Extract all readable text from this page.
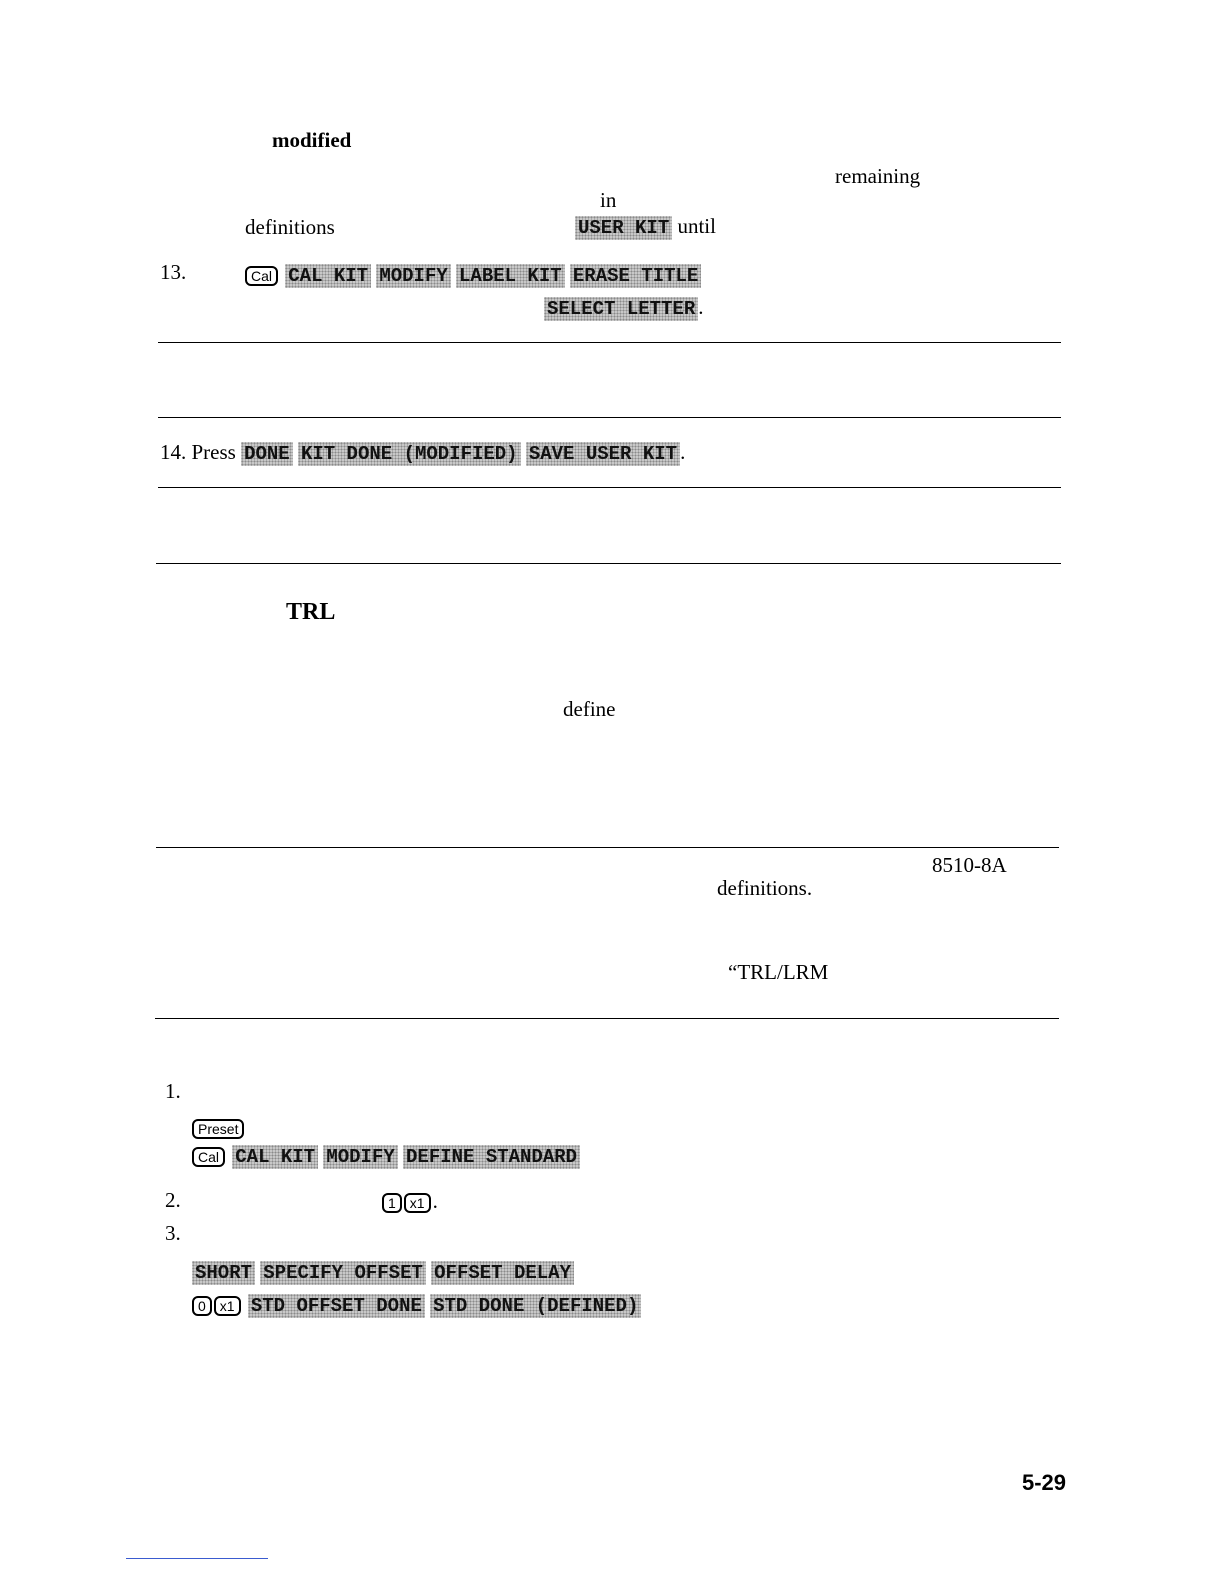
modified
remaining
in
definitions	USER KIT until
13.	Cal CAL KIT MODIFY LABEL KIT ERASE TITLE
SELECT LETTER .
14. Press DONE KIT DONE (MODIFIED) SAVE USER KIT .
TRL
define
8510-8A
definitions.
“TRL/LRM
1.
Preset
Cal CAL KIT MODIFY DEFINE STANDARD
2.	1 x1 .
3.
SHORT SPECIFY OFFSET OFFSET DELAY
0 x1 STD OFFSET DONE STD DONE (DEFINED)
5-29
